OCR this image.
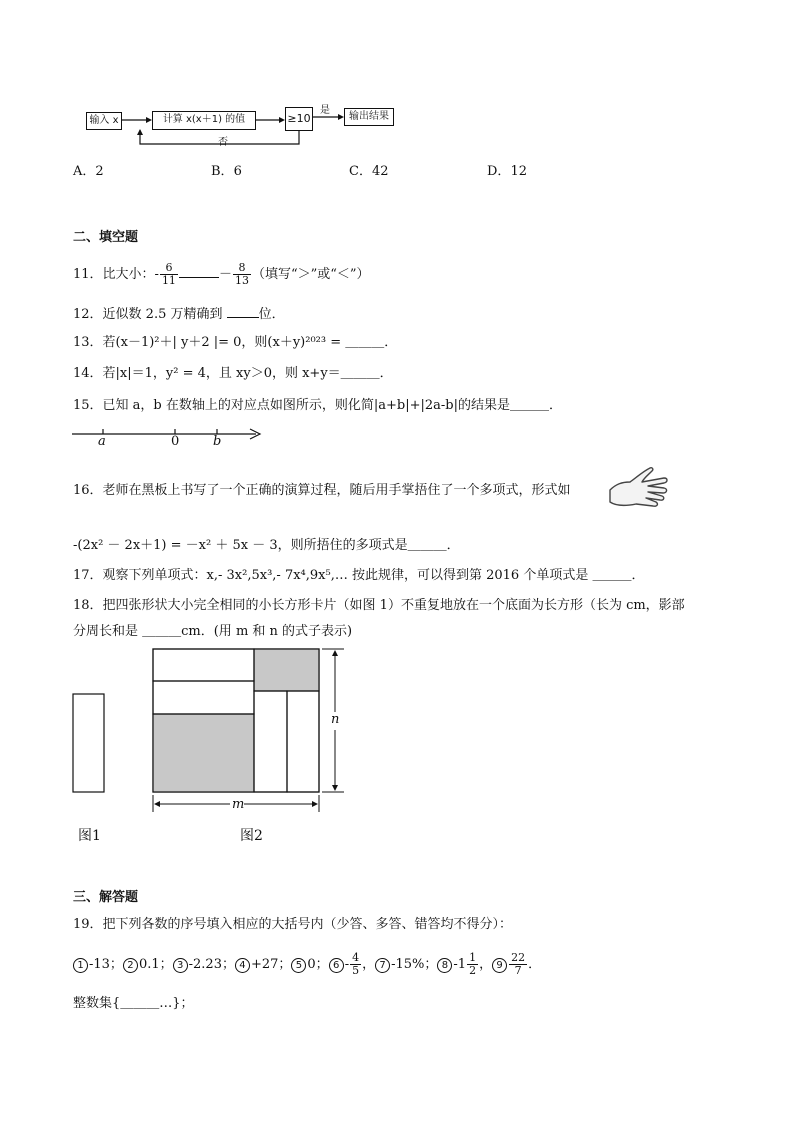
输入 x	计算 x(x＋1) 的值	≥10	输出结果
是
否
A．2	B．6	C．42	D．12
二、填空题
11．比大小：- $\frac{6}{11}$	－ $\frac{8}{13}$ （填写“＞”或“＜”）
12．近似数 2.5 万精确到	位．
13．若(x－1)²＋| y＋2 |= 0，则(x＋y)²⁰²³ = ＿＿＿．
14．若|x|＝1，y² = 4，且 xy＞0，则 x+y＝＿＿＿．
15．已知 a，b 在数轴上的对应点如图所示，则化简|a+b|+|2a-b|的结果是＿＿＿．
a	0	b
16．老师在黑板上书写了一个正确的演算过程，随后用手掌捂住了一个多项式，形式如
-(2x² － 2x＋1) = －x² ＋ 5x － 3，则所捂住的多项式是＿＿＿．
17．观察下列单项式：x,- 3x²,5x³,- 7x⁴,9x⁵,… 按此规律，可以得到第 2016 个单项式是 ＿＿＿．
18．把四张形状大小完全相同的小长方形卡片（如图 1）不重复地放在一个底面为长方形（长为 cm，影部
分周长和是 ＿＿＿cm．(用 m 和 n 的式子表示)
m
n
图1	图2
三、解答题
19．把下列各数的序号填入相应的大括号内（少答、多答、错答均不得分）：
1 -13； 2 0.1； 3 -2.23； 4 +27； 5 0； $6 - \frac{4}{5}$ ， 7 -15%； 8 $-1 \frac{1}{2}$ ， $9 \frac{22}{7}$ ．
整数集{＿＿＿…}；
